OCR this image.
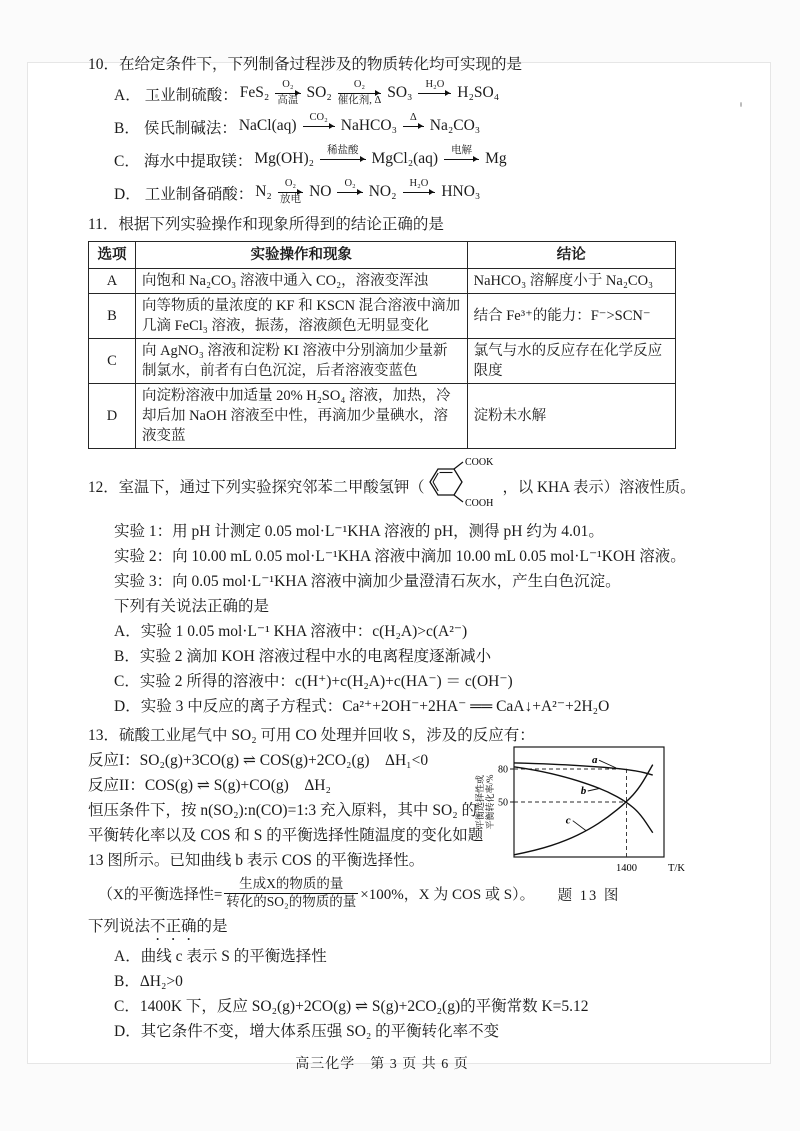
10．在给定条件下，下列制备过程涉及的物质转化均可实现的是

A． 工业制硫酸： FeS₂	O₂
高温 SO₂	O₂
催化剂, Δ SO₃	H₂O H₂SO₄
B． 侯氏制碱法： NaCl(aq)	CO₂ NaHCO₃	Δ Na₂CO₃
C． 海水中提取镁： Mg(OH)₂	稀盐酸 MgCl₂(aq)	电解 Mg
D． 工业制备硝酸： N₂	O₂
放电 NO	O₂ NO₂	H₂O HNO₃

11．根据下列实验操作和现象所得到的结论正确的是

选项	实验操作和现象	结论
A	向饱和 Na₂CO₃ 溶液中通入 CO₂，溶液变浑浊	NaHCO₃ 溶解度小于 Na₂CO₃
B	向等物质的量浓度的 KF 和 KSCN 混合溶液中滴加几滴 FeCl₃ 溶液，振荡，溶液颜色无明显变化	结合 Fe³⁺的能力：F⁻>SCN⁻
C	向 AgNO₃ 溶液和淀粉 KI 溶液中分别滴加少量新制氯水，前者有白色沉淀，后者溶液变蓝色	氯气与水的反应存在化学反应限度
D	向淀粉溶液中加适量 20% H₂SO₄ 溶液，加热，冷却后加 NaOH 溶液至中性，再滴加少量碘水，溶液变蓝	淀粉未水解
12．室温下，通过下列实验探究邻苯二甲酸氢钾（
COOK
COOH
，以 KHA 表示）溶液性质。

实验 1：用 pH 计测定 0.05 mol·L⁻¹KHA 溶液的 pH，测得 pH 约为 4.01。

实验 2：向 10.00 mL 0.05 mol·L⁻¹KHA 溶液中滴加 10.00 mL 0.05 mol·L⁻¹KOH 溶液。

实验 3：向 0.05 mol·L⁻¹KHA 溶液中滴加少量澄清石灰水，产生白色沉淀。

下列有关说法正确的是

A．实验 1 0.05 mol·L⁻¹ KHA 溶液中：c(H₂A)>c(A²⁻)

B．实验 2 滴加 KOH 溶液过程中水的电离程度逐渐减小

C．实验 2 所得的溶液中：c(H⁺)+c(H₂A)+c(HA⁻) ＝ c(OH⁻)

D．实验 3 中反应的离子方程式：Ca²⁺+2OH⁻+2HA⁻ ══ CaA↓+A²⁻+2H₂O

13．硫酸工业尾气中 SO₂ 可用 CO 处理并回收 S，涉及的反应有：

平衡选择性或 平衡转化率/%
80
50
1400	T/K
a
b
c
题 13 图

反应I：SO₂(g)+3CO(g) ⇌ COS(g)+2CO₂(g)　ΔH₁<0

反应II：COS(g) ⇌ S(g)+CO(g)　ΔH₂

恒压条件下，按 n(SO₂):n(CO)=1:3 充入原料，其中 SO₂ 的

平衡转化率以及 COS 和 S 的平衡选择性随温度的变化如题

13 图所示。已知曲线 b 表示 COS 的平衡选择性。

（X的平衡选择性= $\frac{\text{生成X的物质的量}}{\text{转化的SO₂的物质的量}} \times 100\%$，X 为 COS 或 S）。

下列说法不正确的是

A．曲线 c 表示 S 的平衡选择性

B．ΔH₂>0

C．1400K 下，反应 SO₂(g)+2CO(g) ⇌ S(g)+2CO₂(g)的平衡常数 K=5.12

D．其它条件不变，增大体系压强 SO₂ 的平衡转化率不变

高三化学　第 3 页 共 6 页
